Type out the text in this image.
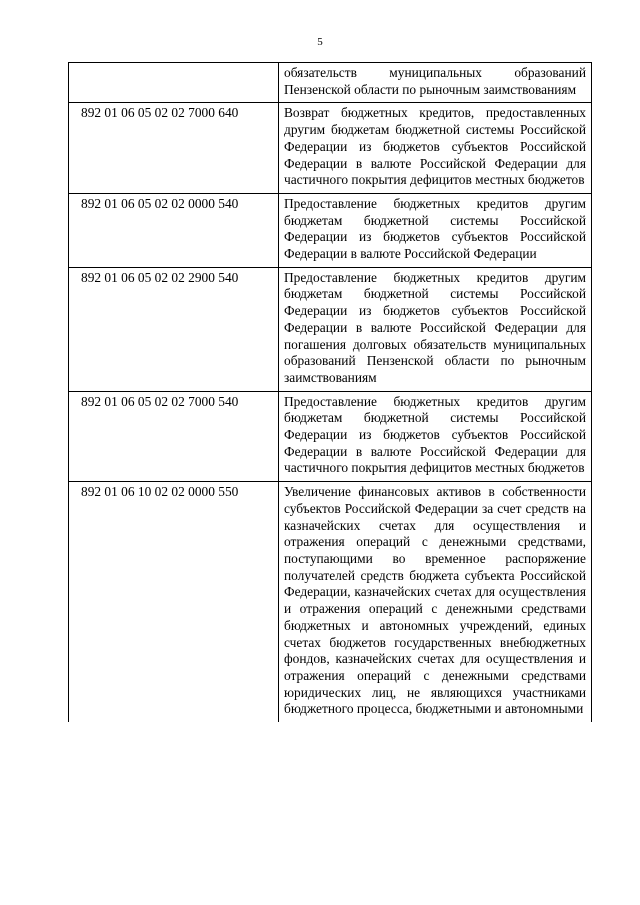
5
	обязательств муниципальных образований Пензенской области по рыночным заимствованиям
892 01 06 05 02 02 7000 640	Возврат бюджетных кредитов, предоставленных другим бюджетам бюджетной системы Российской Федерации из бюджетов субъектов Российской Федерации в валюте Российской Федерации для частичного покрытия дефицитов местных бюджетов
892 01 06 05 02 02 0000 540	Предоставление бюджетных кредитов другим бюджетам бюджетной системы Российской Федерации из бюджетов субъектов Российской Федерации в валюте Российской Федерации
892 01 06 05 02 02 2900 540	Предоставление бюджетных кредитов другим бюджетам бюджетной системы Российской Федерации из бюджетов субъектов Российской Федерации в валюте Российской Федерации для погашения долговых обязательств муниципальных образований Пензенской области по рыночным заимствованиям
892 01 06 05 02 02 7000 540	Предоставление бюджетных кредитов другим бюджетам бюджетной системы Российской Федерации из бюджетов субъектов Российской Федерации в валюте Российской Федерации для частичного покрытия дефицитов местных бюджетов
892 01 06 10 02 02 0000 550	Увеличение финансовых активов в собственности субъектов Российской Федерации за счет средств на казначейских счетах для осуществления и отражения операций с денежными средствами, поступающими во временное распоряжение получателей средств бюджета субъекта Российской Федерации, казначейских счетах для осуществления и отражения операций с денежными средствами бюджетных и автономных учреждений, единых счетах бюджетов государственных внебюджетных фондов, казначейских счетах для осуществления и отражения операций с денежными средствами юридических лиц, не являющихся участниками бюджетного процесса, бюджетными и автономными
